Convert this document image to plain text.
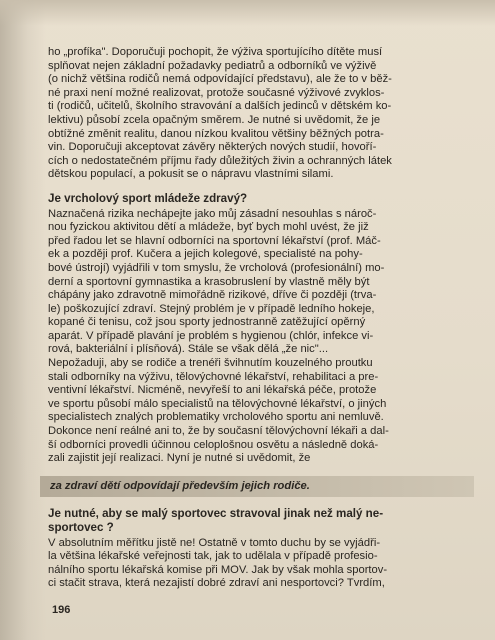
ho „profíka". Doporučuji pochopit, že výživa sportujícího dítěte musí
splňovat nejen základní požadavky pediatrů a odborníků ve výživě
(o nichž většina rodičů nemá odpovídající představu), ale že to v běž-
né praxi není možné realizovat, protože současné výživové zvyklos-
ti (rodičů, učitelů, školního stravování a dalších jedinců v dětském ko-
lektivu) působí zcela opačným směrem. Je nutné si uvědomit, že je
obtížné změnit realitu, danou nízkou kvalitou většiny běžných potra-
vin. Doporučuji akceptovat závěry některých nových studií, hovoří-
cích o nedostatečném příjmu řady důležitých živin a ochranných látek
dětskou populací, a pokusit se o nápravu vlastními silami.

Je vrcholový sport mládeže zdravý?

Naznačená rizika nechápejte jako můj zásadní nesouhlas s nároč-
nou fyzickou aktivitou dětí a mládeže, byť bych mohl uvést, že již
před řadou let se hlavní odborníci na sportovní lékařství (prof. Máč-
ek a později prof. Kučera a jejich kolegové, specialisté na pohy-
bové ústrojí) vyjádřili v tom smyslu, že vrcholová (profesionální) mo-
derní a sportovní gymnastika a krasobruslení by vlastně měly být
chápány jako zdravotně mimořádně rizikové, dříve či později (trva-
le) poškozující zdraví. Stejný problém je v případě ledního hokeje,
kopané či tenisu, což jsou sporty jednostranně zatěžující opěrný
aparát. V případě plavání je problém s hygienou (chlór, infekce vi-
rová, bakteriální i plísňová). Stále se však dělá „že nic"...

Nepožaduji, aby se rodiče a trenéři švihnutím kouzelného proutku
stali odborníky na výživu, tělovýchovné lékařství, rehabilitaci a pre-
ventivní lékařství. Nicméně, nevyřeší to ani lékařská péče, protože
ve sportu působí málo specialistů na tělovýchovné lékařství, o jiných
specialistech znalých problematiky vrcholového sportu ani nemluvě.
Dokonce není reálné ani to, že by současní tělovýchovní lékaři a dal-
ší odborníci provedli účinnou celoplošnou osvětu a následně doká-
zali zajistit její realizaci. Nyní je nutné si uvědomit, že

za zdraví dětí odpovídají především jejich rodiče.
Je nutné, aby se malý sportovec stravoval jinak než malý ne-
sportovec ?

V absolutním měřítku jistě ne! Ostatně v tomto duchu by se vyjádři-
la většina lékařské veřejnosti tak, jak to udělala v případě profesio-
nálního sportu lékařská komise při MOV. Jak by však mohla sportov-
ci stačit strava, která nezajistí dobré zdraví ani nesportovci? Tvrdím,

196
